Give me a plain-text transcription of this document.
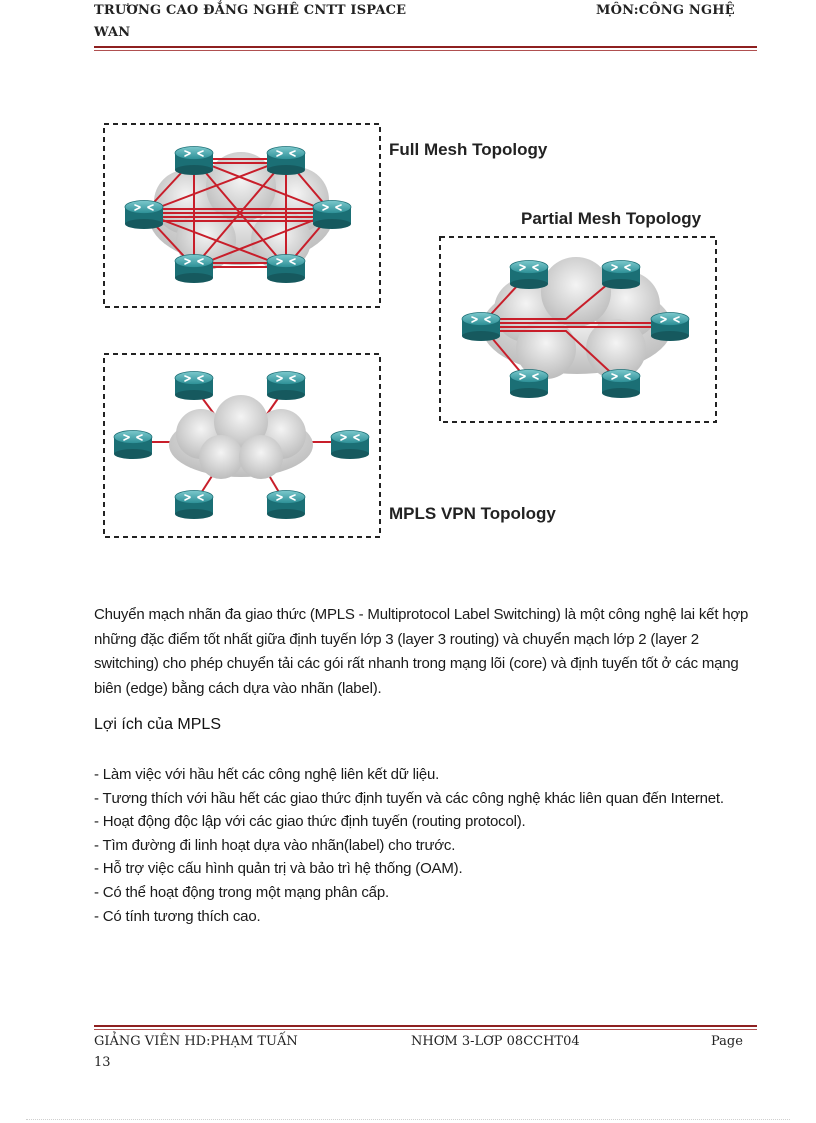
TRƯƠNG CAO ĐẲNG NGHÊ CNTT ISPACE
WAN
MÔN:CÔNG NGHỆ
Full Mesh Topology
Partial Mesh Topology
MPLS VPN Topology
Chuyển mạch nhãn đa giao thức (MPLS - Multiprotocol Label Switching) là một công nghệ lai kết hợp những đặc điểm tốt nhất giữa định tuyến lớp 3 (layer 3 routing) và chuyển mạch lớp 2 (layer 2 switching) cho phép chuyển tải các gói rất nhanh trong mạng lõi (core) và định tuyến tốt ở các mạng biên (edge) bằng cách dựa vào nhãn (label).
Lợi ích của MPLS
- Làm việc với hầu hết các công nghệ liên kết dữ liệu.
- Tương thích với hầu hết các giao thức định tuyến và các công nghệ khác liên quan đến Internet.
- Hoạt động độc lập với các giao thức định tuyến (routing protocol).
- Tìm đường đi linh hoạt dựa vào nhãn(label) cho trước.
- Hỗ trợ việc cấu hình quản trị và bảo trì hệ thống (OAM).
- Có thể hoạt động trong một mạng phân cấp.
- Có tính tương thích cao.
GIẢNG VIÊN HD:PHẠM TUẤN
13
NHƠM 3-LƠP 08CCHT04	Page
